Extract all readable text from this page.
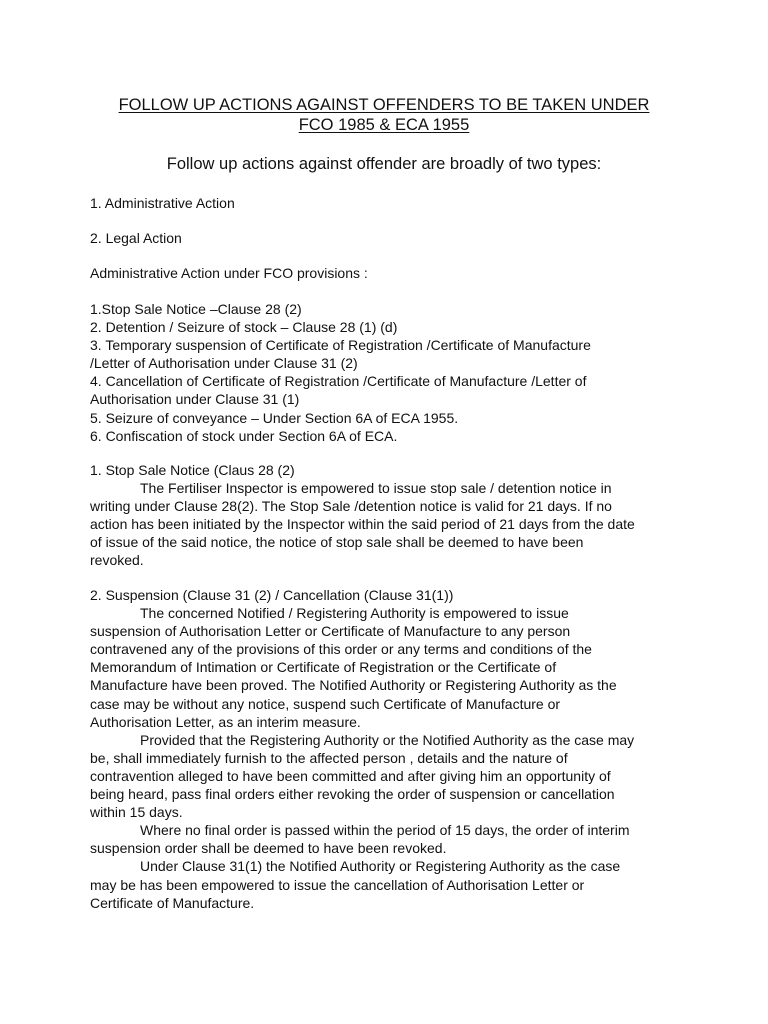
FOLLOW UP ACTIONS AGAINST OFFENDERS TO BE TAKEN UNDER
FCO 1985 & ECA 1955
Follow up actions against offender are broadly of two types:
1. Administrative Action
2. Legal Action
Administrative Action under FCO provisions :
1.Stop Sale Notice –Clause 28 (2)
2. Detention / Seizure of stock – Clause 28 (1) (d)
3. Temporary suspension of Certificate of Registration /Certificate of Manufacture
/Letter of Authorisation under Clause 31 (2)
4. Cancellation of Certificate of Registration /Certificate of Manufacture /Letter of
Authorisation under Clause 31 (1)
5. Seizure of conveyance – Under Section 6A of ECA 1955.
6. Confiscation of stock under Section 6A of ECA.
1. Stop Sale Notice (Claus 28 (2)
The Fertiliser Inspector is empowered to issue stop sale / detention notice in
writing under Clause 28(2). The Stop Sale /detention notice is valid for 21 days. If no
action has been initiated by the Inspector within the said period of 21 days from the date
of issue of the said notice, the notice of stop sale shall be deemed to have been
revoked.
2. Suspension (Clause 31 (2) / Cancellation (Clause 31(1))
The concerned Notified / Registering Authority is empowered to issue
suspension of Authorisation Letter or Certificate of Manufacture to any person
contravened any of the provisions of this order or any terms and conditions of the
Memorandum of Intimation or Certificate of Registration or the Certificate of
Manufacture have been proved. The Notified Authority or Registering Authority as the
case may be without any notice, suspend such Certificate of Manufacture or
Authorisation Letter, as an interim measure.
Provided that the Registering Authority or the Notified Authority as the case may
be, shall immediately furnish to the affected person , details and the nature of
contravention alleged to have been committed and after giving him an opportunity of
being heard, pass final orders either revoking the order of suspension or cancellation
within 15 days.
Where no final order is passed within the period of 15 days, the order of interim
suspension order shall be deemed to have been revoked.
Under Clause 31(1) the Notified Authority or Registering Authority as the case
may be has been empowered to issue the cancellation of Authorisation Letter or
Certificate of Manufacture.
